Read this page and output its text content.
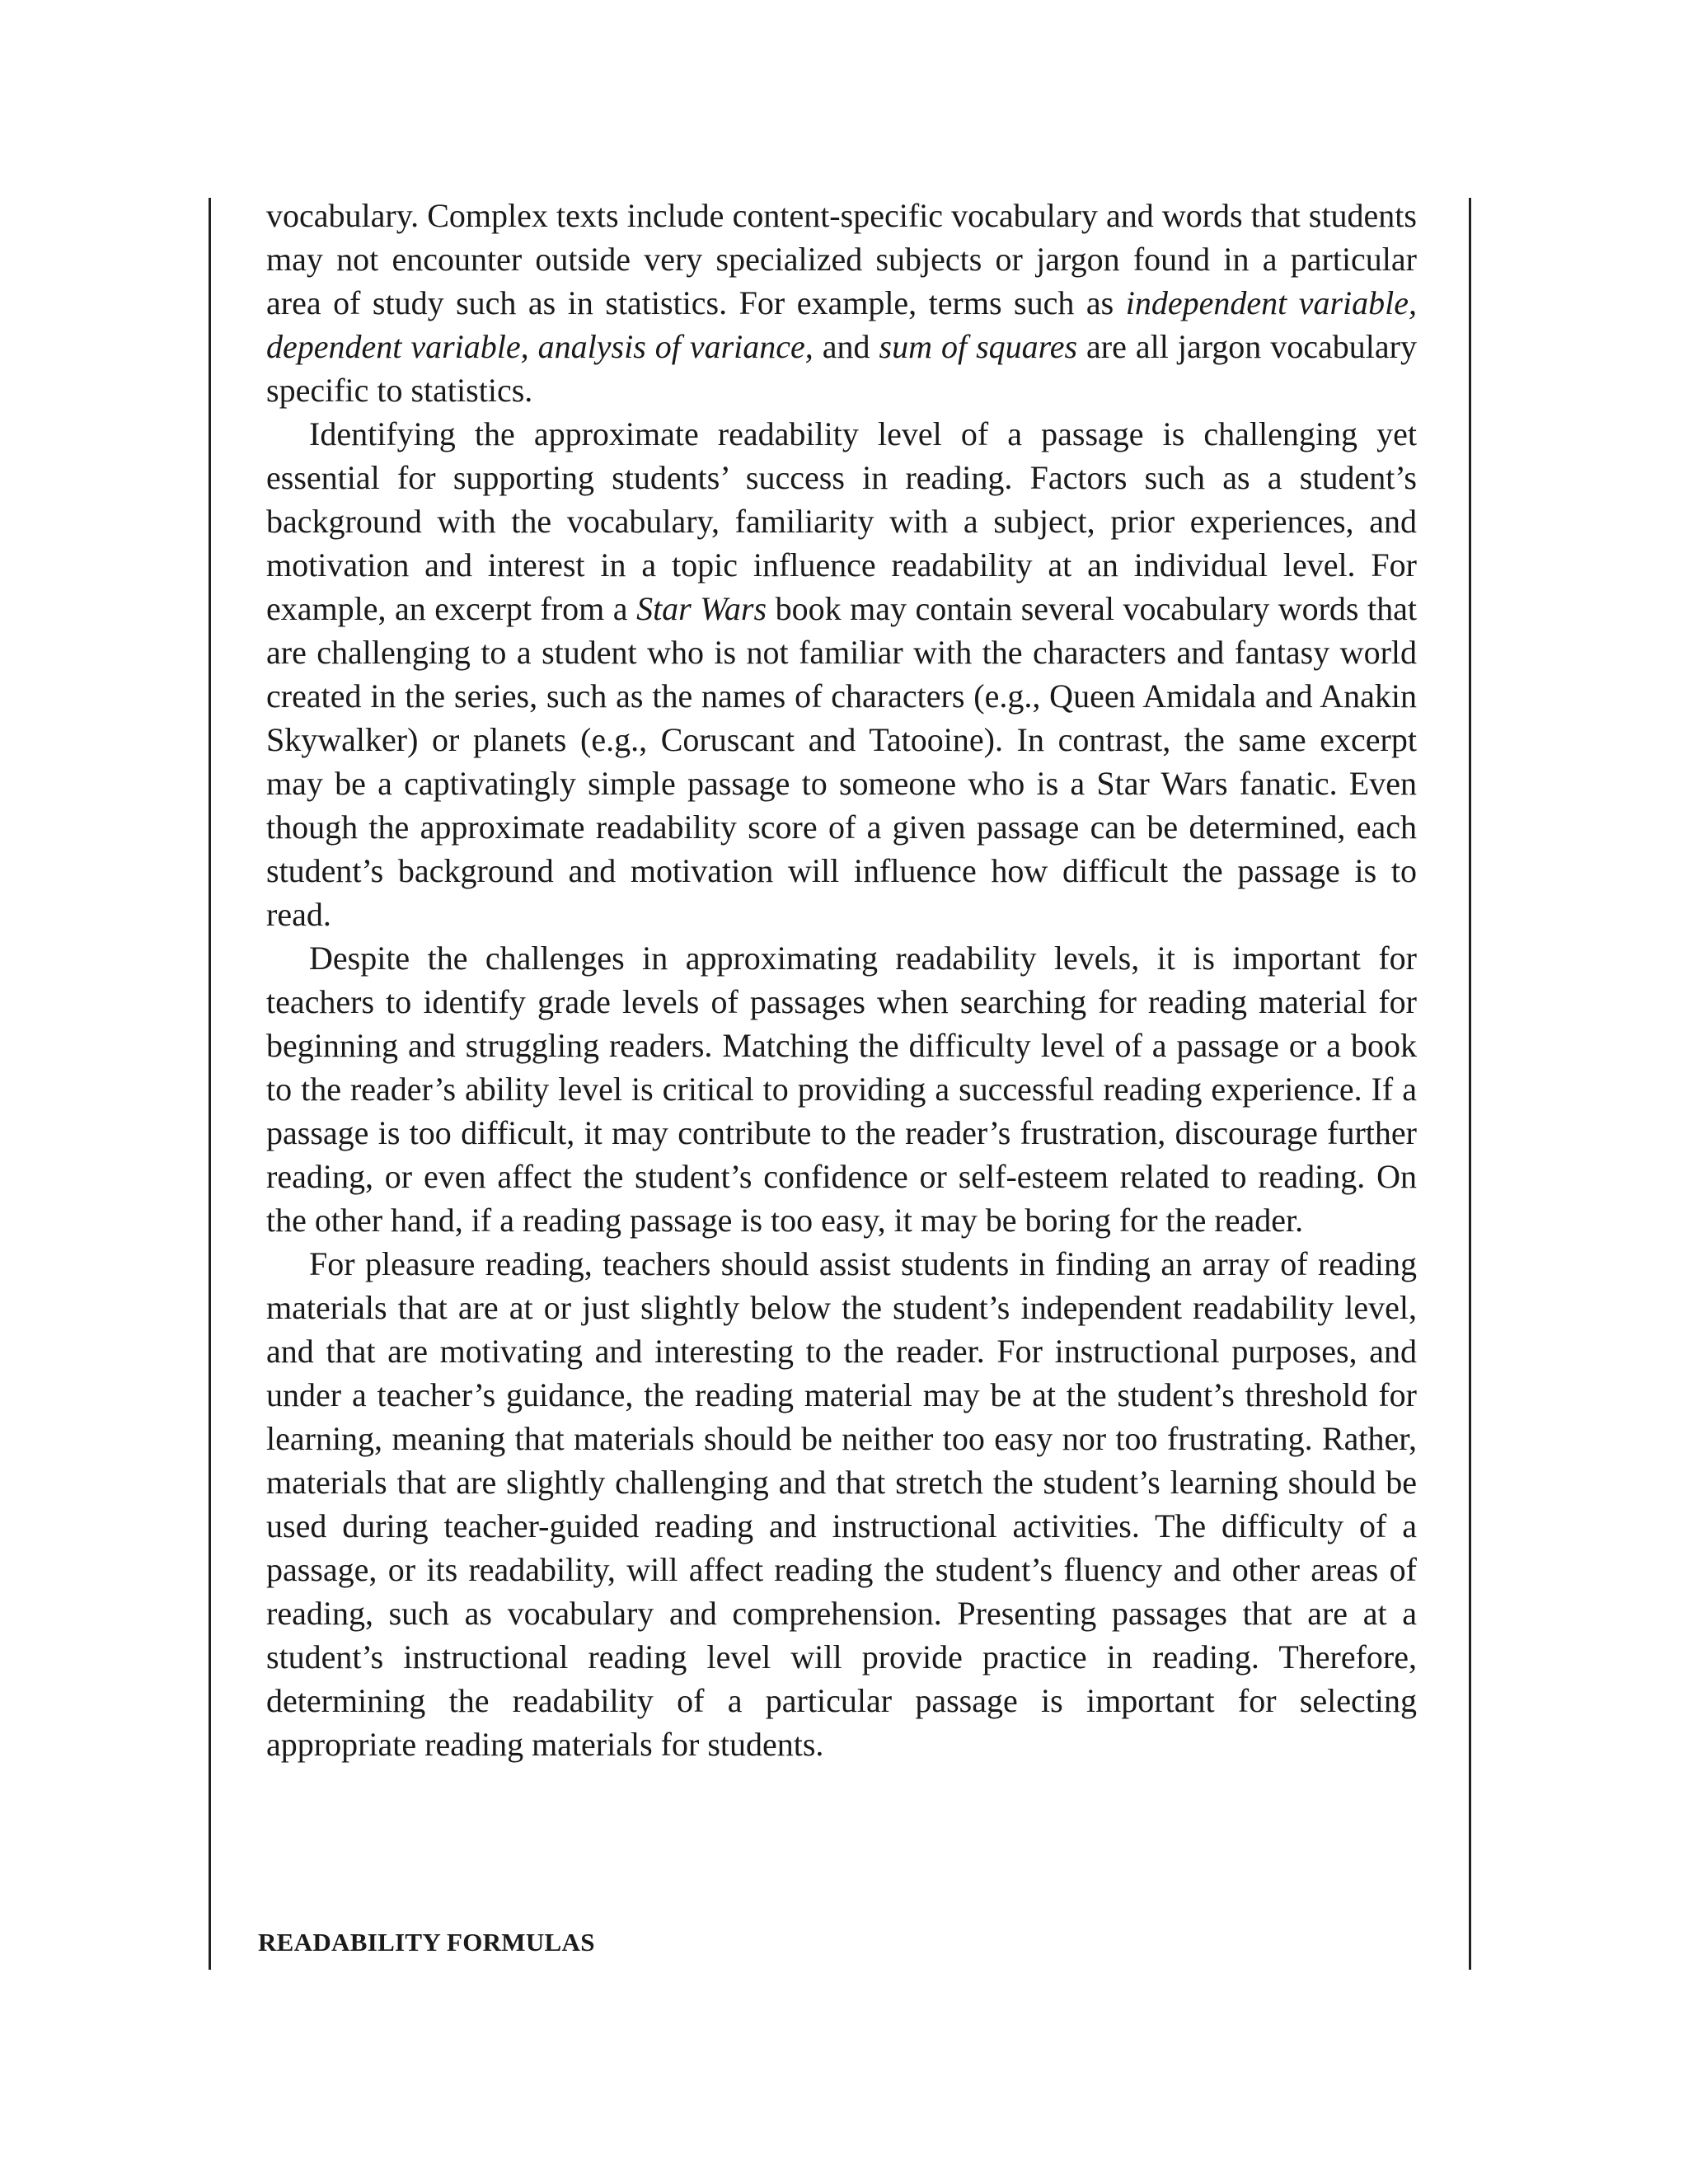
vocabulary. Complex texts include content-specific vocabulary and words that students may not encounter outside very specialized subjects or jargon found in a particular area of study such as in statistics. For example, terms such as independent variable, dependent variable, analysis of variance, and sum of squares are all jargon vocabulary specific to statistics.

Identifying the approximate readability level of a passage is challenging yet essential for supporting students’ success in reading. Factors such as a student’s background with the vocabulary, familiarity with a subject, prior experiences, and motivation and interest in a topic influence readability at an individual level. For example, an excerpt from a Star Wars book may contain several vocabulary words that are challenging to a student who is not familiar with the characters and fantasy world created in the series, such as the names of characters (e.g., Queen Amidala and Anakin Skywalker) or planets (e.g., Coruscant and Tatooine). In contrast, the same excerpt may be a captivatingly simple passage to someone who is a Star Wars fanatic. Even though the approximate readability score of a given passage can be determined, each student’s background and motivation will influence how difficult the passage is to read.

Despite the challenges in approximating readability levels, it is important for teachers to identify grade levels of passages when searching for reading material for beginning and struggling readers. Matching the difficulty level of a passage or a book to the reader’s ability level is critical to providing a successful reading experience. If a passage is too difficult, it may contribute to the reader’s frustration, discourage further reading, or even affect the student’s confidence or self-esteem related to reading. On the other hand, if a reading passage is too easy, it may be boring for the reader.

For pleasure reading, teachers should assist students in finding an array of reading materials that are at or just slightly below the student’s independent readability level, and that are motivating and interesting to the reader. For instructional purposes, and under a teacher’s guidance, the reading material may be at the student’s threshold for learning, meaning that materials should be neither too easy nor too frustrating. Rather, materials that are slightly challenging and that stretch the student’s learning should be used during teacher-guided reading and instructional activities. The difficulty of a passage, or its readability, will affect reading the student’s fluency and other areas of reading, such as vocabulary and comprehension. Presenting passages that are at a student’s instructional reading level will provide practice in reading. Therefore, determining the readability of a particular passage is important for selecting appropriate reading materials for students.

READABILITY FORMULAS
